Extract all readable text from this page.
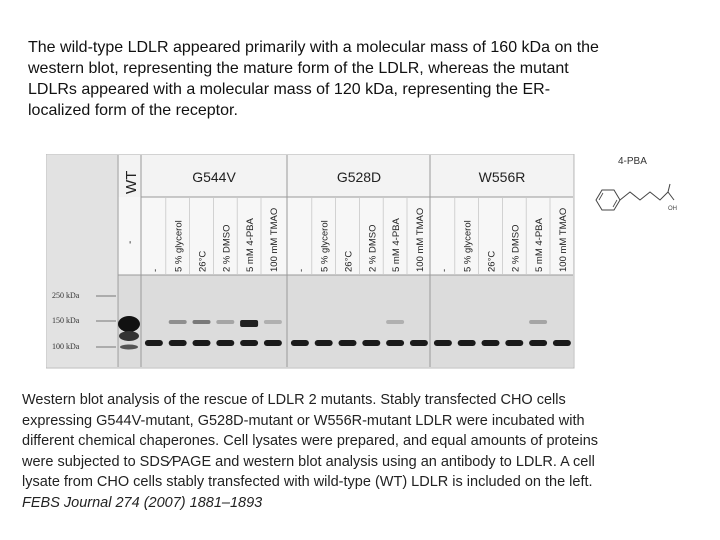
The wild-type LDLR appeared primarily with a molecular mass of 160 kDa on the
western blot, representing the mature form of the LDLR, whereas the mutant
LDLRs appeared with a molecular mass of 120 kDa, representing the ER-
localized form of the receptor.
WT	G544V	G528D	W556R
250 kDa
150 kDa
100 kDa
-
- 5 % glycerol 26°C 2 % DMSO 5 mM 4-PBA 100 mM TMAO - 5 % glycerol 26°C 2 % DMSO 5 mM 4-PBA 100 mM TMAO - 5 % glycerol 26°C 2 % DMSO 5 mM 4-PBA 100 mM TMAO
4-PBA
OH
Western blot analysis of the rescue of LDLR 2 mutants. Stably transfected CHO cells
expressing G544V-mutant, G528D-mutant or W556R-mutant LDLR were incubated with
different chemical chaperones. Cell lysates were prepared, and equal amounts of proteins
were subjected to SDS∕PAGE and western blot analysis using an antibody to LDLR. A cell
lysate from CHO cells stably transfected with wild-type (WT) LDLR is included on the left.
FEBS Journal 274 (2007) 1881–1893
